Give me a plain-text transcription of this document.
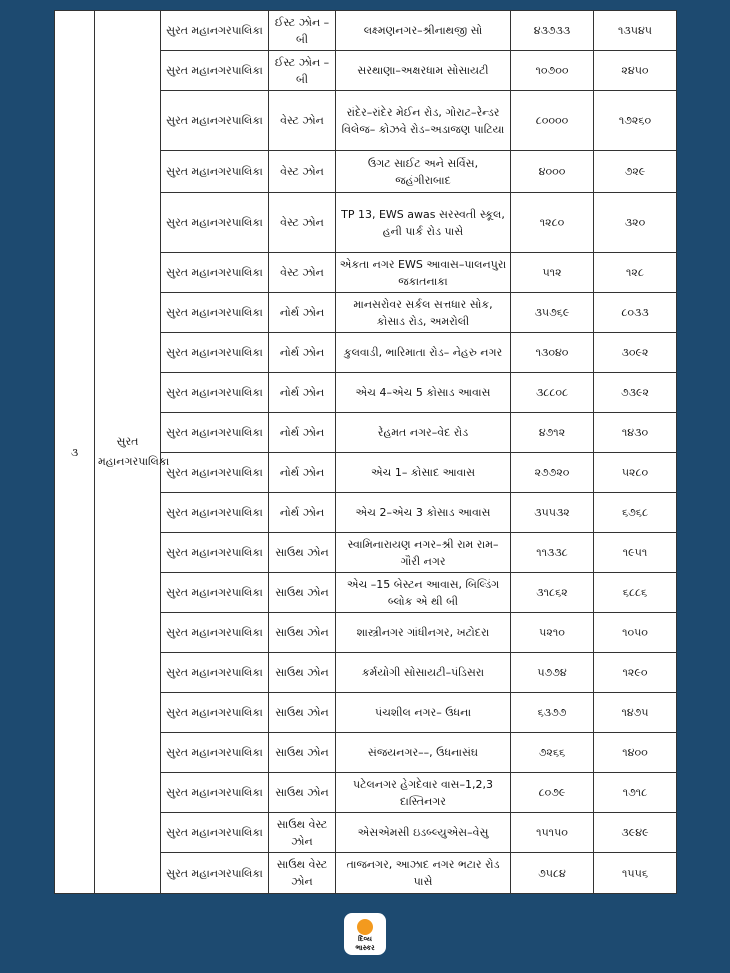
૩	સુરત મહાનગરપાલિકા	સુરત મહાનગરપાલિકા	ઈસ્ટ ઝોન – બી	લક્ષ્મણનગર–શ્રીનાથજી સો	૪૩૭૩૩	૧૩૫૪૫
		સુરત મહાનગરપાલિકા	ઈસ્ટ ઝોન – બી	સરથાણા–અક્ષરધામ સોસાયટી	૧૦૭૦૦	૨૪૫૦
		સુરત મહાનગરપાલિકા	વેસ્ટ ઝોન	રાંદેર–રાંદેર મેઈન રોડ, ગોરાટ–રેન્ડર વિલેજ– કોઝવે રોડ–અડાજણ પાટિયા	૮૦૦૦૦	૧૭૨૬૦
		સુરત મહાનગરપાલિકા	વેસ્ટ ઝોન	ઉગટ સાઈટ અને સર્વિસ, જહંગીરાબાદ	૪૦૦૦	૭૨૯
		સુરત મહાનગરપાલિકા	વેસ્ટ ઝોન	TP 13, EWS awas સરસ્વતી સ્કૂલ, હની પાર્ક રોડ પાસે	૧૨૮૦	૩૨૦
		સુરત મહાનગરપાલિકા	વેસ્ટ ઝોન	એકતા નગર EWS આવાસ–પાલનપુરા જકાતનાકા	૫૧૨	૧૨૮
		સુરત મહાનગરપાલિકા	નોર્થ ઝોન	માનસરોવર સર્કલ સત્તધાર સોક, કોસાડ રોડ, અમરોલી	૩૫૭૬૯	૮૦૩૩
		સુરત મહાનગરપાલિકા	નોર્થ ઝોન	કુલવાડી, ભારિમાતા રોડ– નેહરુ નગર	૧૩૦૪૦	૩૦૯૨
		સુરત મહાનગરપાલિકા	નોર્થ ઝોન	એચ 4–એચ 5 કોસાડ આવાસ	૩૮૮૦૮	૭૩૯૨
		સુરત મહાનગરપાલિકા	નોર્થ ઝોન	રેહમત નગર–વેદ રોડ	૪૭૧૨	૧૪૩૦
		સુરત મહાનગરપાલિકા	નોર્થ ઝોન	એચ 1– કોસાદ આવાસ	૨૭૭૨૦	૫૨૮૦
		સુરત મહાનગરપાલિકા	નોર્થ ઝોન	એચ 2–એચ 3 કોસાડ આવાસ	૩૫૫૩૨	૬૭૬૮
		સુરત મહાનગરપાલિકા	સાઉથ ઝોન	સ્વામિનારાયણ નગર–શ્રી રામ રામ–ગૌરી નગર	૧૧૩૩૮	૧૯૫૧
		સુરત મહાનગરપાલિકા	સાઉથ ઝોન	એચ –15 બેસ્ટન આવાસ, બિલ્ડિંગ બ્લોક એ થી બી	૩૧૮૬૨	૬૮૮૬
		સુરત મહાનગરપાલિકા	સાઉથ ઝોન	શાસ્ત્રીનગર ગાંધીનગર, ખટોદરા	૫૨૧૦	૧૦૫૦
		સુરત મહાનગરપાલિકા	સાઉથ ઝોન	કર્મયોગી સોસાયટી–પંડિસરા	૫૭૭૪	૧૨૯૦
		સુરત મહાનગરપાલિકા	સાઉથ ઝોન	પંચશીલ નગર– ઉધના	૬૩૭૭	૧૪૭૫
		સુરત મહાનગરપાલિકા	સાઉથ ઝોન	સંજયનગર––, ઉધનાસંઘ	૭૨૬૬	૧૪૦૦
		સુરત મહાનગરપાલિકા	સાઉથ ઝોન	પટેલનગર હેગદેવાર વાસ–1,2,3 દાસ્તિનગર	૮૦૭૯	૧૭૧૮
		સુરત મહાનગરપાલિકા	સાઉથ વેસ્ટ ઝોન	એસએમસી ઇડબ્લ્યુએસ–વેસુ	૧૫૧૫૦	૩૯૪૯
		સુરત મહાનગરપાલિકા	સાઉથ વેસ્ટ ઝોન	તાજનગર, આઝાદ નગર ભટાર રોડ પાસે	૭૫૮૪	૧૫૫૬
દિવ્ય
ભાસ્કર
